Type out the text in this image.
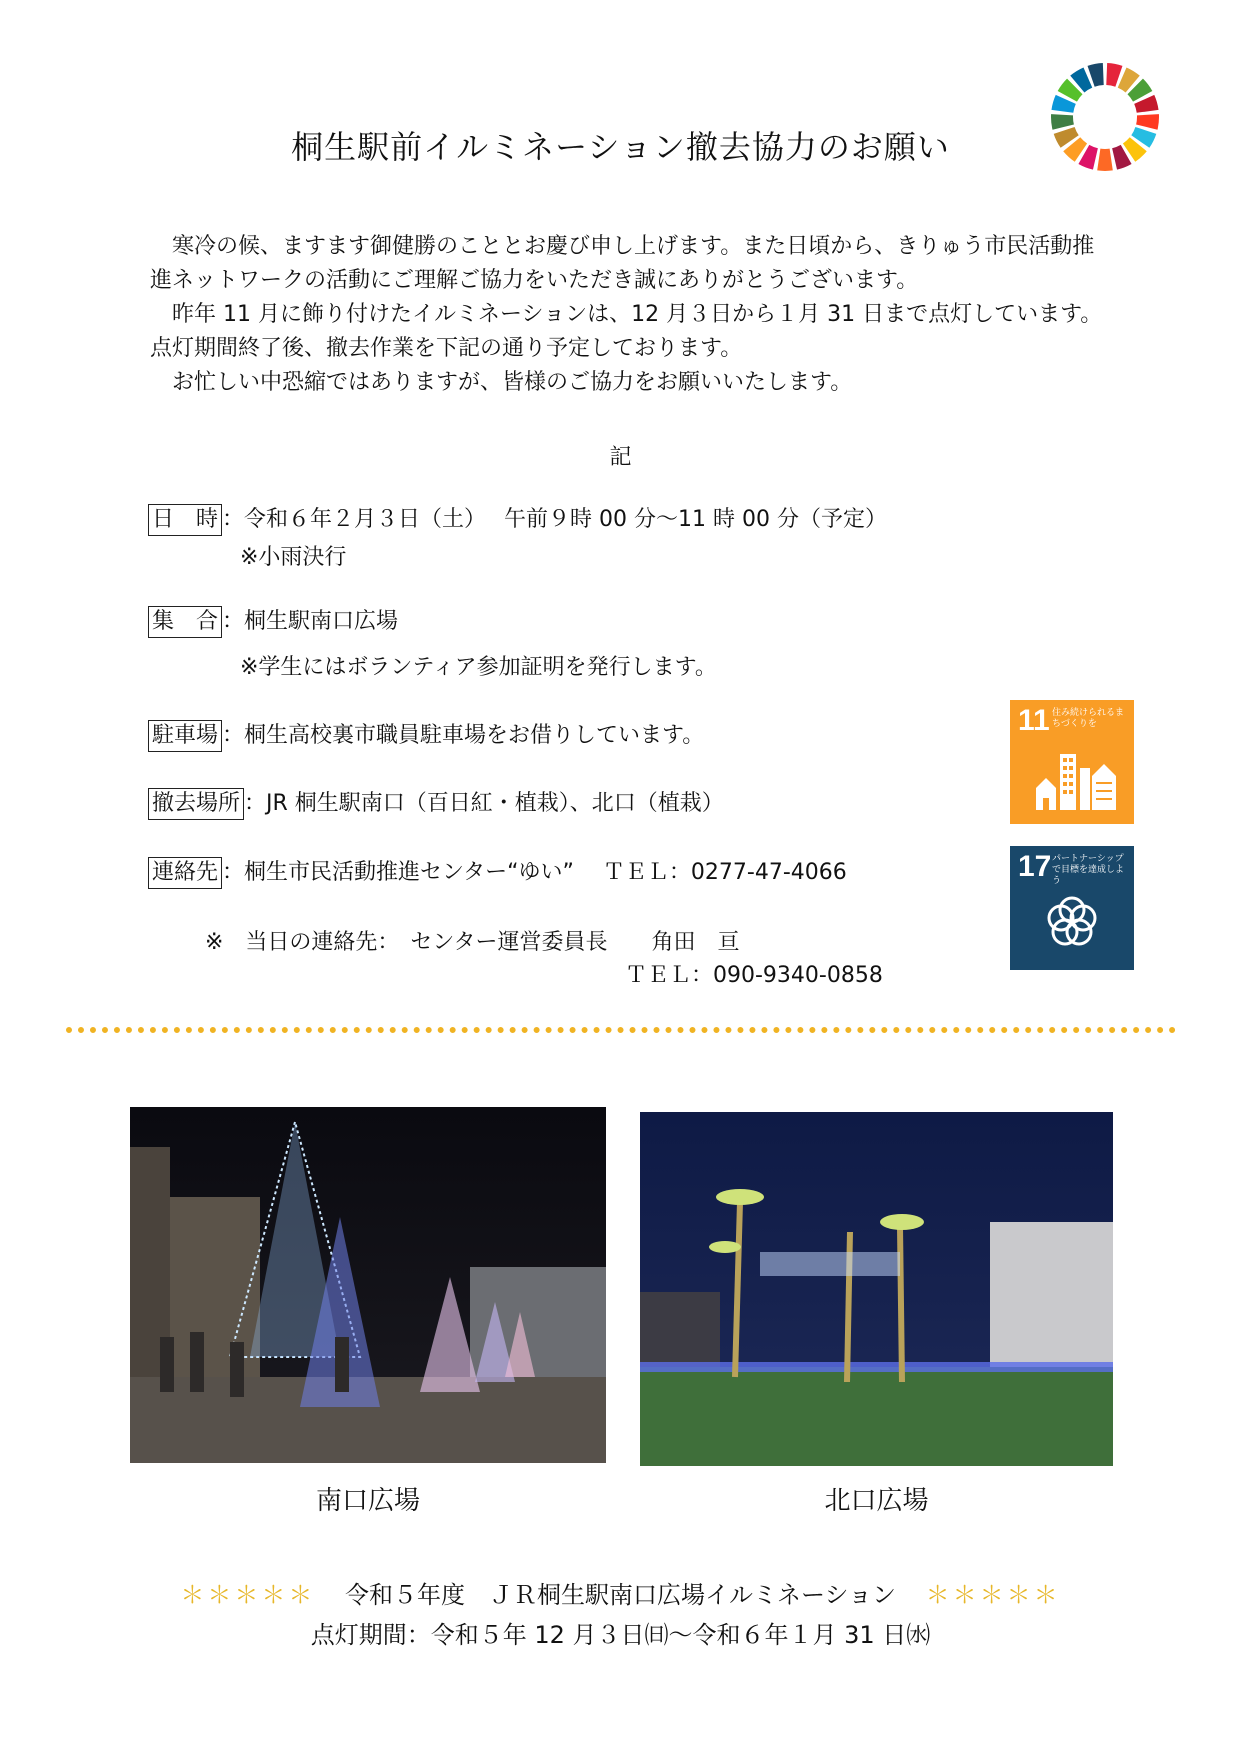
桐生駅前イルミネーション撤去協力のお願い

　寒冷の候、ますます御健勝のこととお慶び申し上げます。また日頃から、きりゅう市民活動推進ネットワークの活動にご理解ご協力をいただき誠にありがとうございます。

　昨年 11 月に飾り付けたイルミネーションは、12 月３日から１月 31 日まで点灯しています。点灯期間終了後、撤去作業を下記の通り予定しております。

　お忙しい中恐縮ではありますが、皆様のご協力をお願いいたします。

記
日　時 ：令和６年２月３日（土）　 午前９時 00 分～11 時 00 分（予定）
※小雨決行
集　合 ：桐生駅南口広場
※学生にはボランティア参加証明を発行します。
駐車場 ：桐生高校裏市職員駐車場をお借りしています。
撤去場所 ：JR 桐生駅南口（百日紅・植栽）、北口（植栽）
連絡先 ：桐生市民活動推進センター“ゆい”　 ＴＥＬ：0277-47-4066
※　当日の連絡先：　センター運営委員長　　角田　亘
ＴＥＬ：090-9340-0858
11 住み続けられるまちづくりを
17 パートナーシップで目標を達成しよう
南口広場	北口広場
＊＊＊＊＊ 令和５年度　ＪＲ桐生駅南口広場イルミネーション ＊＊＊＊＊
点灯期間：令和５年 12 月３日㈰～令和６年１月 31 日㈬
